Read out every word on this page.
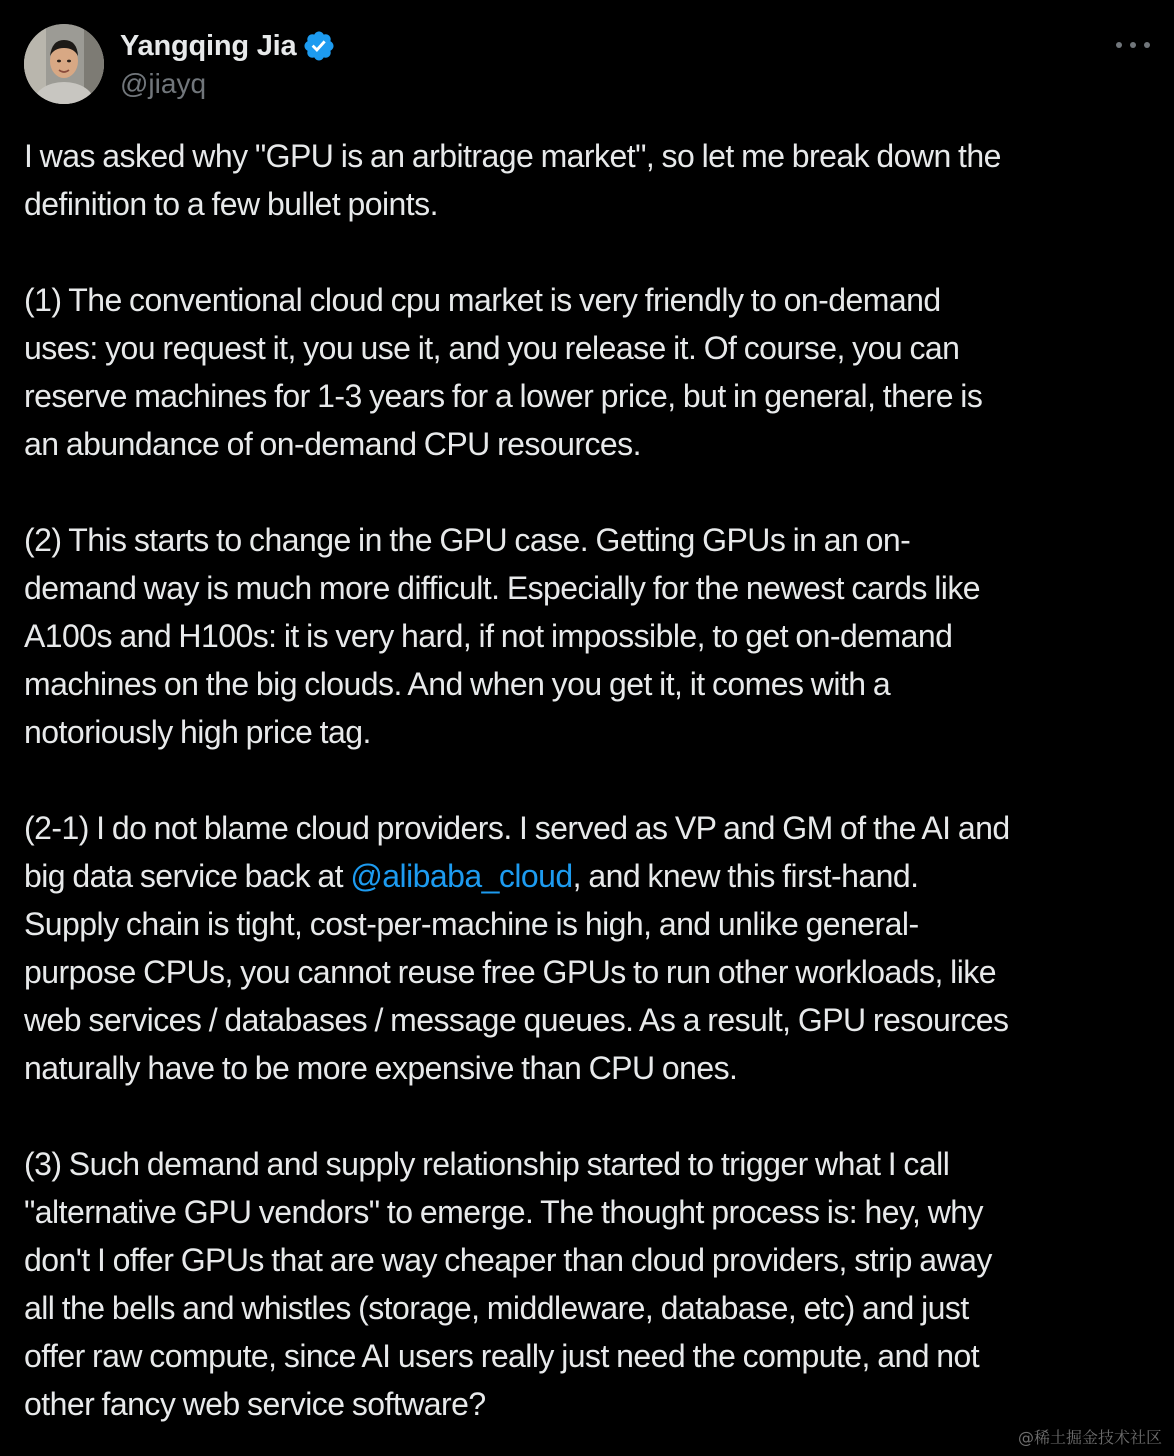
Yangqing Jia
@jiayq
I was asked why "GPU is an arbitrage market", so let me break down the
definition to a few bullet points.
(1) The conventional cloud cpu market is very friendly to on-demand
uses: you request it, you use it, and you release it. Of course, you can
reserve machines for 1-3 years for a lower price, but in general, there is
an abundance of on-demand CPU resources.
(2) This starts to change in the GPU case. Getting GPUs in an on-
demand way is much more difficult. Especially for the newest cards like
A100s and H100s: it is very hard, if not impossible, to get on-demand
machines on the big clouds. And when you get it, it comes with a
notoriously high price tag.
(2-1) I do not blame cloud providers. I served as VP and GM of the AI and
big data service back at @alibaba_cloud, and knew this first-hand.
Supply chain is tight, cost-per-machine is high, and unlike general-
purpose CPUs, you cannot reuse free GPUs to run other workloads, like
web services / databases / message queues. As a result, GPU resources
naturally have to be more expensive than CPU ones.
(3) Such demand and supply relationship started to trigger what I call
"alternative GPU vendors" to emerge. The thought process is: hey, why
don't I offer GPUs that are way cheaper than cloud providers, strip away
all the bells and whistles (storage, middleware, database, etc) and just
offer raw compute, since AI users really just need the compute, and not
other fancy web service software?
@稀土掘金技术社区
